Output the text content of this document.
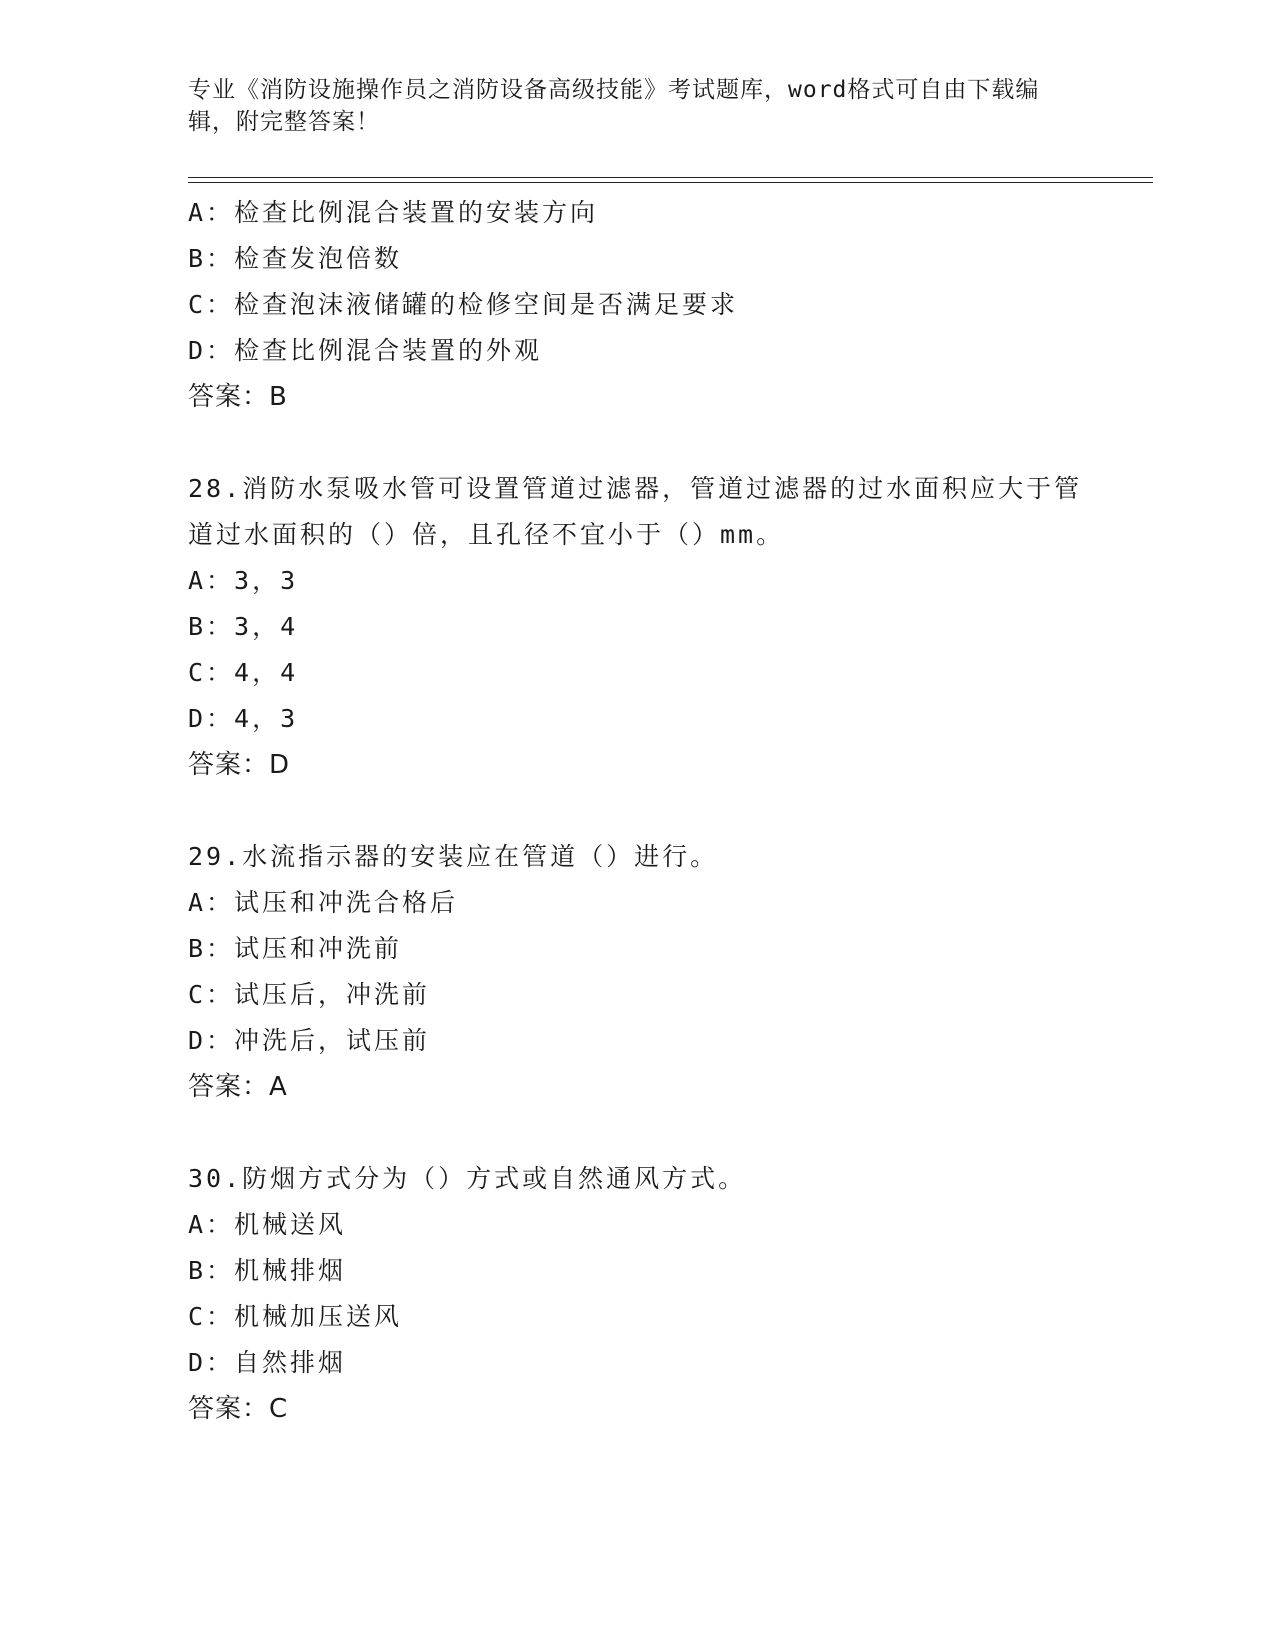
专业《消防设施操作员之消防设备高级技能》考试题库，word格式可自由下载编辑，附完整答案！
A：检查比例混合装置的安装方向
B：检查发泡倍数
C：检查泡沫液储罐的检修空间是否满足要求
D：检查比例混合装置的外观
答案：B
28.消防水泵吸水管可设置管道过滤器，管道过滤器的过水面积应大于管道过水面积的（）倍，且孔径不宜小于（）mm。
A：3，3
B：3，4
C：4，4
D：4，3
答案：D
29.水流指示器的安装应在管道（）进行。
A：试压和冲洗合格后
B：试压和冲洗前
C：试压后，冲洗前
D：冲洗后，试压前
答案：A
30.防烟方式分为（）方式或自然通风方式。
A：机械送风
B：机械排烟
C：机械加压送风
D：自然排烟
答案：C
